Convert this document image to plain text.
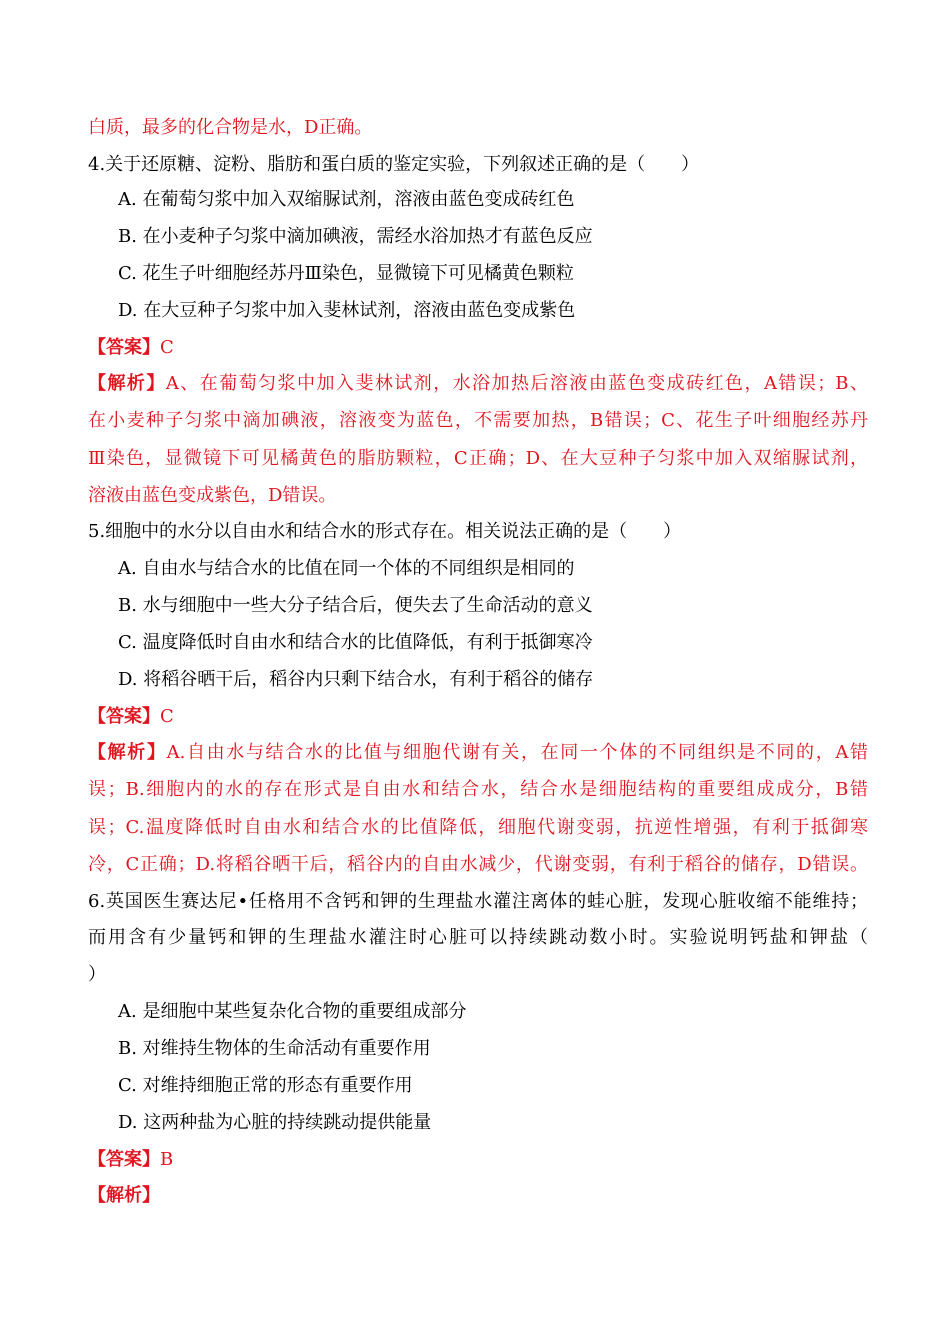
白质，最多的化合物是水，D正确。
4.关于还原糖、淀粉、脂肪和蛋白质的鉴定实验，下列叙述正确的是（　　）
A. 在葡萄匀浆中加入双缩脲试剂，溶液由蓝色变成砖红色
B. 在小麦种子匀浆中滴加碘液，需经水浴加热才有蓝色反应
C. 花生子叶细胞经苏丹Ⅲ染色，显微镜下可见橘黄色颗粒
D. 在大豆种子匀浆中加入斐林试剂，溶液由蓝色变成紫色
【答案】C
【解析】A、在葡萄匀浆中加入斐林试剂，水浴加热后溶液由蓝色变成砖红色，A错误；B、
在小麦种子匀浆中滴加碘液，溶液变为蓝色，不需要加热，B错误；C、花生子叶细胞经苏丹
Ⅲ染色，显微镜下可见橘黄色的脂肪颗粒，C正确；D、在大豆种子匀浆中加入双缩脲试剂，
溶液由蓝色变成紫色，D错误。
5.细胞中的水分以自由水和结合水的形式存在。相关说法正确的是（　　）
A. 自由水与结合水的比值在同一个体的不同组织是相同的
B. 水与细胞中一些大分子结合后，便失去了生命活动的意义
C. 温度降低时自由水和结合水的比值降低，有利于抵御寒冷
D. 将稻谷晒干后，稻谷内只剩下结合水，有利于稻谷的储存
【答案】C
【解析】A.自由水与结合水的比值与细胞代谢有关，在同一个体的不同组织是不同的，A错
误；B.细胞内的水的存在形式是自由水和结合水，结合水是细胞结构的重要组成成分，B错
误；C.温度降低时自由水和结合水的比值降低，细胞代谢变弱，抗逆性增强，有利于抵御寒
冷，C正确；D.将稻谷晒干后，稻谷内的自由水减少，代谢变弱，有利于稻谷的储存，D错误。
6.英国医生赛达尼•任格用不含钙和钾的生理盐水灌注离体的蛙心脏，发现心脏收缩不能维持；
而用含有少量钙和钾的生理盐水灌注时心脏可以持续跳动数小时。实验说明钙盐和钾盐（
）
A. 是细胞中某些复杂化合物的重要组成部分
B. 对维持生物体的生命活动有重要作用
C. 对维持细胞正常的形态有重要作用
D. 这两种盐为心脏的持续跳动提供能量
【答案】B
【解析】
